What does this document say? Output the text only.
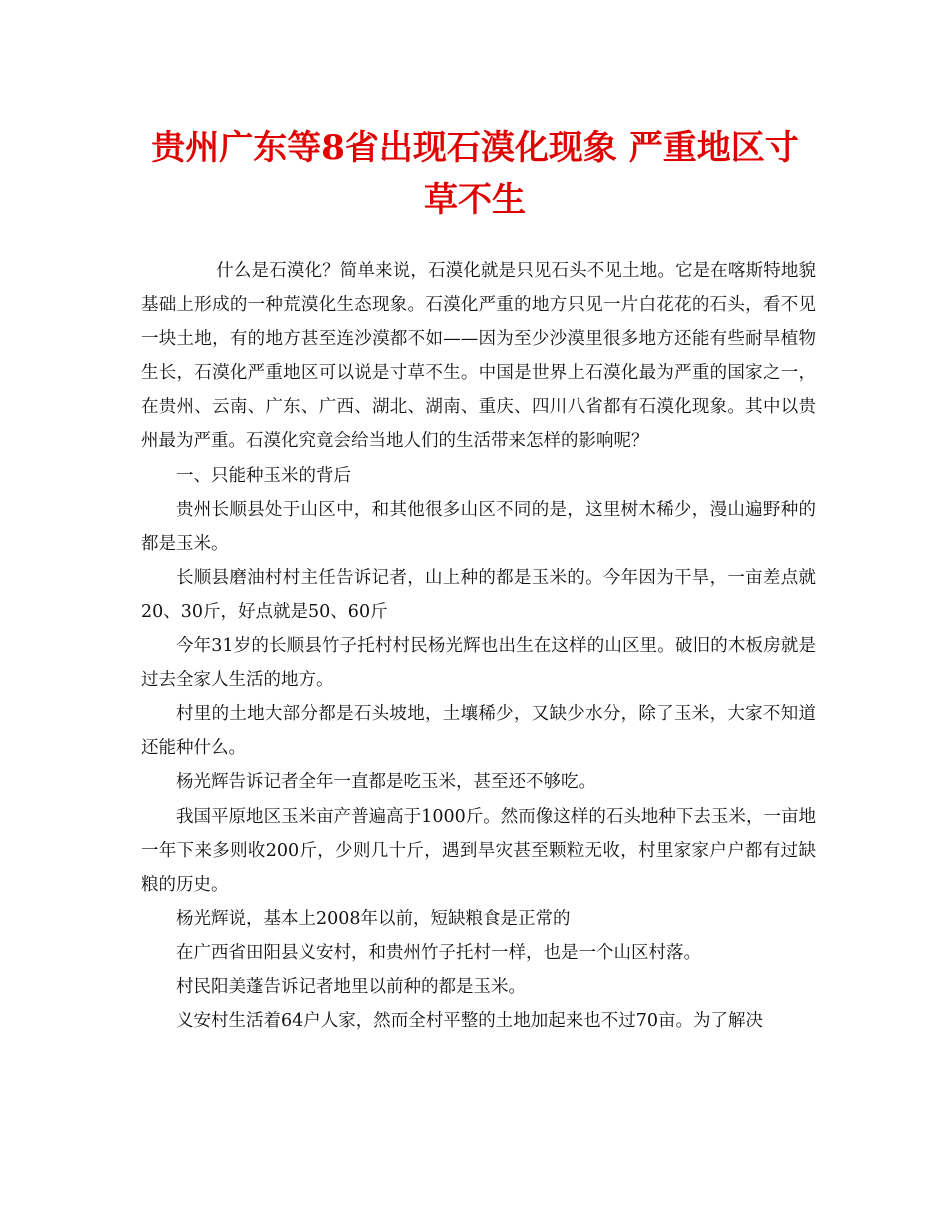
贵州广东等8省出现石漠化现象 严重地区寸
草不生

什么是石漠化？简单来说，石漠化就是只见石头不见土地。它是在喀斯特地貌基础上形成的一种荒漠化生态现象。石漠化严重的地方只见一片白花花的石头，看不见一块土地，有的地方甚至连沙漠都不如——因为至少沙漠里很多地方还能有些耐旱植物生长，石漠化严重地区可以说是寸草不生。中国是世界上石漠化最为严重的国家之一，在贵州、云南、广东、广西、湖北、湖南、重庆、四川八省都有石漠化现象。其中以贵州最为严重。石漠化究竟会给当地人们的生活带来怎样的影响呢？

一、只能种玉米的背后

贵州长顺县处于山区中，和其他很多山区不同的是，这里树木稀少，漫山遍野种的都是玉米。

长顺县磨油村村主任告诉记者，山上种的都是玉米的。今年因为干旱，一亩差点就20、30斤，好点就是50、60斤

今年31岁的长顺县竹子托村村民杨光辉也出生在这样的山区里。破旧的木板房就是过去全家人生活的地方。

村里的土地大部分都是石头坡地，土壤稀少，又缺少水分，除了玉米，大家不知道还能种什么。

杨光辉告诉记者全年一直都是吃玉米，甚至还不够吃。

我国平原地区玉米亩产普遍高于1000斤。然而像这样的石头地种下去玉米，一亩地一年下来多则收200斤，少则几十斤，遇到旱灾甚至颗粒无收，村里家家户户都有过缺粮的历史。

杨光辉说，基本上2008年以前，短缺粮食是正常的

在广西省田阳县义安村，和贵州竹子托村一样，也是一个山区村落。

村民阳美蓬告诉记者地里以前种的都是玉米。

义安村生活着64户人家，然而全村平整的土地加起来也不过70亩。为了解决
